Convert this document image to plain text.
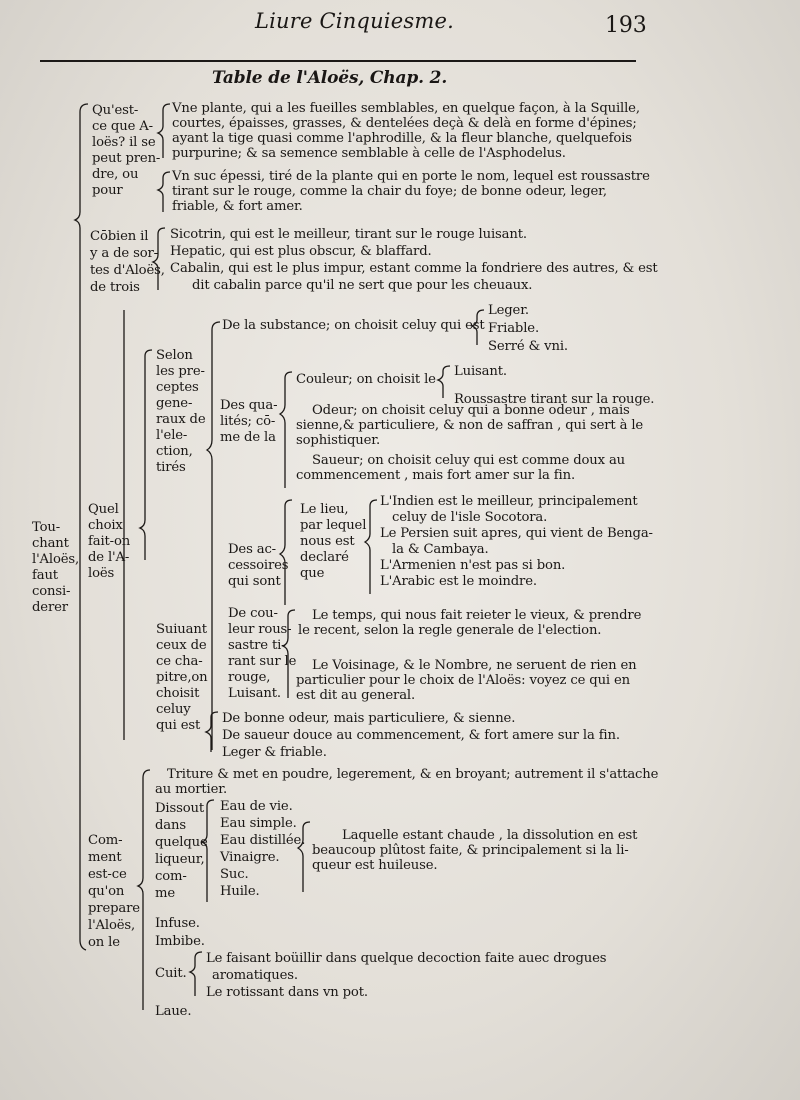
Liure Cinquiesme.	193
Table de l'Aloës, Chap. 2.
Qu'est-
ce que A-
loës? il se
peut pren-
dre, ou
pour
Vne plante, qui a les fueilles semblables, en quelque façon, à la Squille,
courtes, épaisses, grasses, & dentelées deçà & delà en forme d'épines;
ayant la tige quasi comme l'aphrodille, & la fleur blanche, quelquefois
purpurine; & sa semence semblable à celle de l'Asphodelus.
Vn suc épessi, tiré de la plante qui en porte le nom, lequel est roussastre
tirant sur le rouge, comme la chair du foye; de bonne odeur, leger,
friable, & fort amer.
Cōbien il
y a de sor-
tes d'Aloës,
de trois
Sicotrin, qui est le meilleur, tirant sur le rouge luisant.
Hepatic, qui est plus obscur, & blaffard.
Cabalin, qui est le plus impur, estant comme la fondriere des autres, & est
dit cabalin parce qu'il ne sert que pour les cheuaux.
Tou-
chant
l'Aloës,
faut
consi-
derer
Quel
choix
fait-on
de l'A-
loës
Selon
les pre-
ceptes
gene-
raux de
l'ele-
ction,
tirés
De la substance; on choisit celuy qui est
Leger.
Friable.
Serré & vni.
Des qua-
lités; cō-
me de la
Couleur; on choisit le
Luisant.
Roussastre tirant sur la rouge.
Odeur; on choisit celuy qui a bonne odeur , mais
sienne,& particuliere, & non de saffran , qui sert à le
sophistiquer.
Saueur; on choisit celuy qui est comme doux au
commencement , mais fort amer sur la fin.
Des ac-
cessoires
qui sont
Le lieu,
par lequel
nous est
declaré
que
L'Indien est le meilleur, principalement
celuy de l'isle Socotora.
Le Persien suit apres, qui vient de Benga-
la & Cambaya.
L'Armenien n'est pas si bon.
L'Arabic est le moindre.
De cou-
leur rous-
sastre ti-
rant sur le
rouge,
Luisant.
Le temps, qui nous fait reieter le vieux, & prendre
le recent, selon la regle generale de l'election.
Le Voisinage, & le Nombre, ne seruent de rien en
particulier pour le choix de l'Aloës: voyez ce qui en
est dit au general.
Suiuant
ceux de
ce cha-
pitre,on
choisit
celuy
qui est	De bonne odeur, mais particuliere, & sienne.
De saueur douce au commencement, & fort amere sur la fin.
Leger & friable.
Com-
ment
est-ce
qu'on
prepare
l'Aloës,
on le
Triture & met en poudre, legerement, & en broyant; autrement il s'attache
au mortier.
Dissout
dans
quelque
liqueur,
com-
me
Eau de vie.
Eau simple.
Eau distillée.
Vinaigre.
Suc.
Huile.
Laquelle estant chaude , la dissolution en est
beaucoup plûtost faite, & principalement si la li-
queur est huileuse.
Infuse.
Imbibe.
Cuit.
Le faisant boüillir dans quelque decoction faite auec drogues
aromatiques.
Le rotissant dans vn pot.
Laue.
